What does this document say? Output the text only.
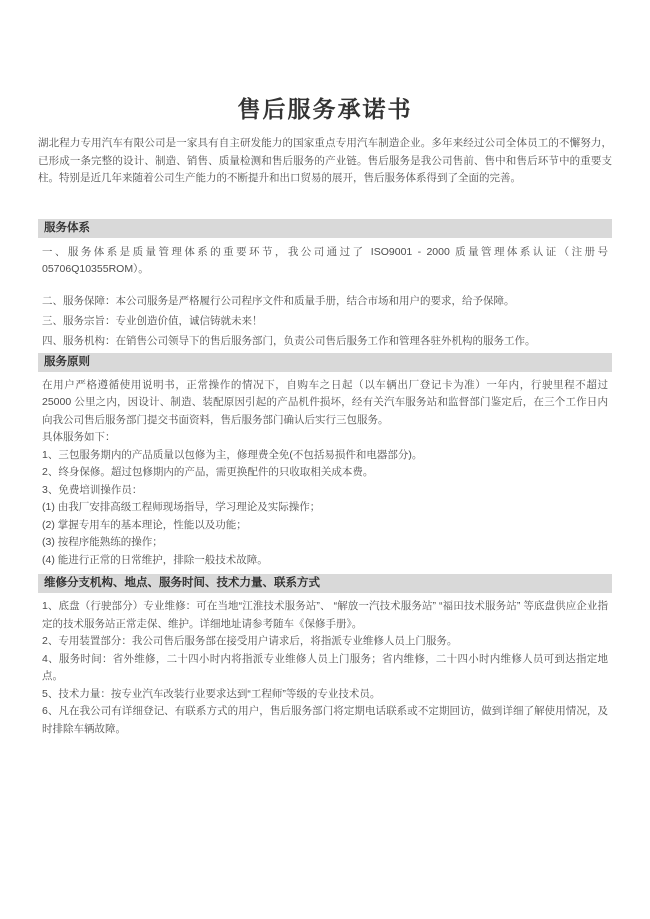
售后服务承诺书

湖北程力专用汽车有限公司是一家具有自主研发能力的国家重点专用汽车制造企业。多年来经过公司全体员工的不懈努力，已形成一条完整的设计、制造、销售、质量检测和售后服务的产业链。售后服务是我公司售前、售中和售后环节中的重要支柱。特别是近几年来随着公司生产能力的不断提升和出口贸易的展开，售后服务体系得到了全面的完善。

服务体系

一、服务体系是质量管理体系的重要环节，我公司通过了 ISO9001 - 2000 质量管理体系认证（注册号 05706Q10355ROM）。

二、服务保障：本公司服务是严格履行公司程序文件和质量手册，结合市场和用户的要求，给予保障。

三、服务宗旨：专业创造价值，诚信铸就未来！

四、服务机构：在销售公司领导下的售后服务部门，负责公司售后服务工作和管理各驻外机构的服务工作。

服务原则

在用户严格遵循使用说明书，正常操作的情况下，自购车之日起（以车辆出厂登记卡为准）一年内，行驶里程不超过 25000 公里之内，因设计、制造、装配原因引起的产品机件损坏，经有关汽车服务站和监督部门鉴定后，在三个工作日内向我公司售后服务部门提交书面资料，售后服务部门确认后实行三包服务。

具体服务如下：

1、三包服务期内的产品质量以包修为主，修理费全免(不包括易损件和电器部分)。

2、终身保修。超过包修期内的产品，需更换配件的只收取相关成本费。

3、免费培训操作员：

(1) 由我厂安排高级工程师现场指导，学习理论及实际操作；

(2) 掌握专用车的基本理论，性能以及功能；

(3) 按程序能熟练的操作；

(4) 能进行正常的日常维护，排除一般技术故障。

维修分支机构、地点、服务时间、技术力量、联系方式

1、底盘（行驶部分）专业维修：可在当地“江淮技术服务站”、 “解放一汽技术服务站” “福田技术服务站” 等底盘供应企业指定的技术服务站正常走保、维护。详细地址请参考随车《保修手册》。

2、专用装置部分：我公司售后服务部在接受用户请求后，将指派专业维修人员上门服务。

4、服务时间：省外维修，二十四小时内将指派专业维修人员上门服务；省内维修，二十四小时内维修人员可到达指定地点。

5、技术力量：按专业汽车改装行业要求达到“工程师”等级的专业技术员。

6、凡在我公司有详细登记、有联系方式的用户，售后服务部门将定期电话联系或不定期回访，做到详细了解使用情况，及时排除车辆故障。
